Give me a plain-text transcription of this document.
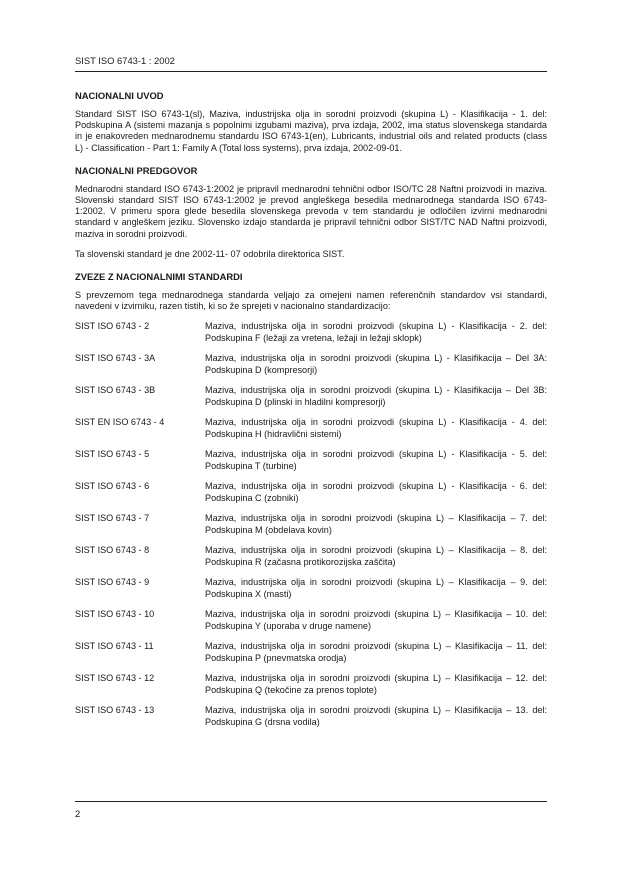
SIST ISO 6743-1 : 2002
NACIONALNI UVOD

Standard SIST ISO 6743-1(sl), Maziva, industrijska olja in sorodni proizvodi (skupina L) - Klasifikacija - 1. del: Podskupina A (sistemi mazanja s popolnimi izgubami maziva), prva izdaja, 2002, ima status slovenskega standarda in je enakovreden mednarodnemu standardu ISO 6743-1(en), Lubricants, industrial oils and related products (class L) - Classification - Part 1: Family A (Total loss systems), prva izdaja, 2002-09-01.

NACIONALNI PREDGOVOR

Mednarodni standard ISO 6743-1:2002 je pripravil mednarodni tehnični odbor ISO/TC 28 Naftni proizvodi in maziva. Slovenski standard SIST ISO 6743-1:2002 je prevod angleškega besedila mednarodnega standarda ISO 6743-1:2002. V primeru spora glede besedila slovenskega prevoda v tem standardu je odločilen izvirni mednarodni standard v angleškem jeziku. Slovensko izdajo standarda je pripravil tehnični odbor SIST/TC NAD Naftni proizvodi, maziva in sorodni proizvodi.

Ta slovenski standard je dne 2002-11- 07 odobrila direktorica SIST.

ZVEZE Z NACIONALNIMI STANDARDI

S prevzemom tega mednarodnega standarda veljajo za omejeni namen referenčnih standardov vsi standardi, navedeni v izvirniku, razen tistih, ki so že sprejeti v nacionalno standardizacijo:

SIST ISO 6743 - 2	Maziva, industrijska olja in sorodni proizvodi (skupina L) - Klasifikacija - 2. del: Podskupina F (ležaji za vretena, ležaji in ležaji sklopk)
SIST ISO 6743 - 3A	Maziva, industrijska olja in sorodni proizvodi (skupina L) - Klasifikacija – Del 3A: Podskupina D (kompresorji)
SIST ISO 6743 - 3B	Maziva, industrijska olja in sorodni proizvodi (skupina L) - Klasifikacija – Del 3B: Podskupina D (plinski in hladilni kompresorji)
SIST EN ISO 6743 - 4	Maziva, industrijska olja in sorodni proizvodi (skupina L) - Klasifikacija - 4. del: Podskupina H (hidravlični sistemi)
SIST ISO 6743 - 5	Maziva, industrijska olja in sorodni proizvodi (skupina L) - Klasifikacija - 5. del: Podskupina T (turbine)
SIST ISO 6743 - 6	Maziva, industrijska olja in sorodni proizvodi (skupina L) - Klasifikacija - 6. del: Podskupina C (zobniki)
SIST ISO 6743 - 7	Maziva, industrijska olja in sorodni proizvodi (skupina L) – Klasifikacija – 7. del: Podskupina M (obdelava kovin)
SIST ISO 6743 - 8	Maziva, industrijska olja in sorodni proizvodi (skupina L) – Klasifikacija – 8. del: Podskupina R (začasna protikorozijska zaščita)
SIST ISO 6743 - 9	Maziva, industrijska olja in sorodni proizvodi (skupina L) – Klasifikacija – 9. del: Podskupina X (masti)
SIST ISO 6743 - 10	Maziva, industrijska olja in sorodni proizvodi (skupina L) – Klasifikacija – 10. del: Podskupina Y (uporaba v druge namene)
SIST ISO 6743 - 11	Maziva, industrijska olja in sorodni proizvodi (skupina L) – Klasifikacija – 11. del: Podskupina P (pnevmatska orodja)
SIST ISO 6743 - 12	Maziva, industrijska olja in sorodni proizvodi (skupina L) – Klasifikacija – 12. del: Podskupina Q (tekočine za prenos toplote)
SIST ISO 6743 - 13	Maziva, industrijska olja in sorodni proizvodi (skupina L) – Klasifikacija – 13. del: Podskupina G (drsna vodila)
2
